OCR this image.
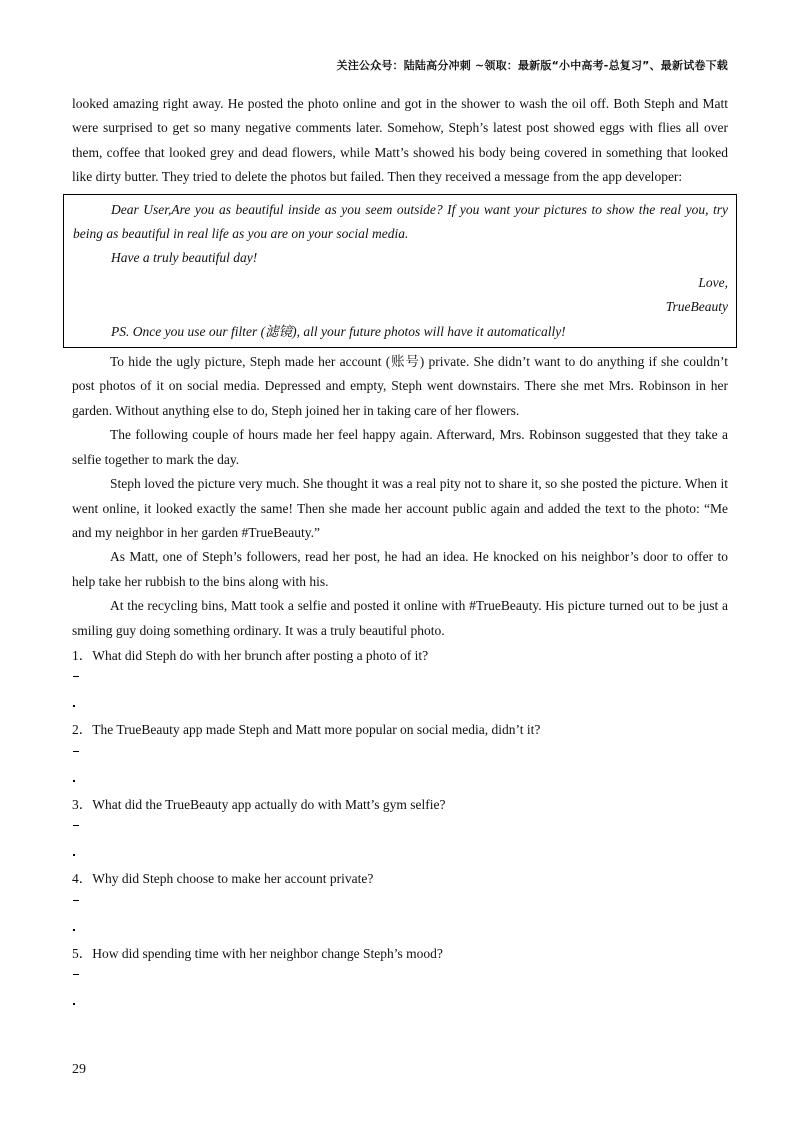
关注公众号：陆陆高分冲刺 ~领取：最新版“小中高考-总复习”、最新试卷下载

looked amazing right away. He posted the photo online and got in the shower to wash the oil off. Both Steph and Matt were surprised to get so many negative comments later. Somehow, Steph’s latest post showed eggs with flies all over them, coffee that looked grey and dead flowers, while Matt’s showed his body being covered in something that looked like dirty butter. They tried to delete the photos but failed. Then they received a message from the app developer:

Dear User,Are you as beautiful inside as you seem outside? If you want your pictures to show the real you, try being as beautiful in real life as you are on your social media.

Have a truly beautiful day!

Love,

TrueBeauty

PS. Once you use our filter (滤镜), all your future photos will have it automatically!

To hide the ugly picture, Steph made her account (账号) private. She didn’t want to do anything if she couldn’t post photos of it on social media. Depressed and empty, Steph went downstairs. There she met Mrs. Robinson in her garden. Without anything else to do, Steph joined her in taking care of her flowers.

The following couple of hours made her feel happy again. Afterward, Mrs. Robinson suggested that they take a selfie together to mark the day.

Steph loved the picture very much. She thought it was a real pity not to share it, so she posted the picture. When it went online, it looked exactly the same! Then she made her account public again and added the text to the photo: “Me and my neighbor in her garden #TrueBeauty.”

As Matt, one of Steph’s followers, read her post, he had an idea. He knocked on his neighbor’s door to offer to help take her rubbish to the bins along with his.

At the recycling bins, Matt took a selfie and posted it online with #TrueBeauty. His picture turned out to be just a smiling guy doing something ordinary. It was a truly beautiful photo.

1．What did Steph do with her brunch after posting a photo of it?
2．The TrueBeauty app made Steph and Matt more popular on social media, didn’t it?
3．What did the TrueBeauty app actually do with Matt’s gym selfie?
4．Why did Steph choose to make her account private?
5．How did spending time with her neighbor change Steph’s mood?
29
